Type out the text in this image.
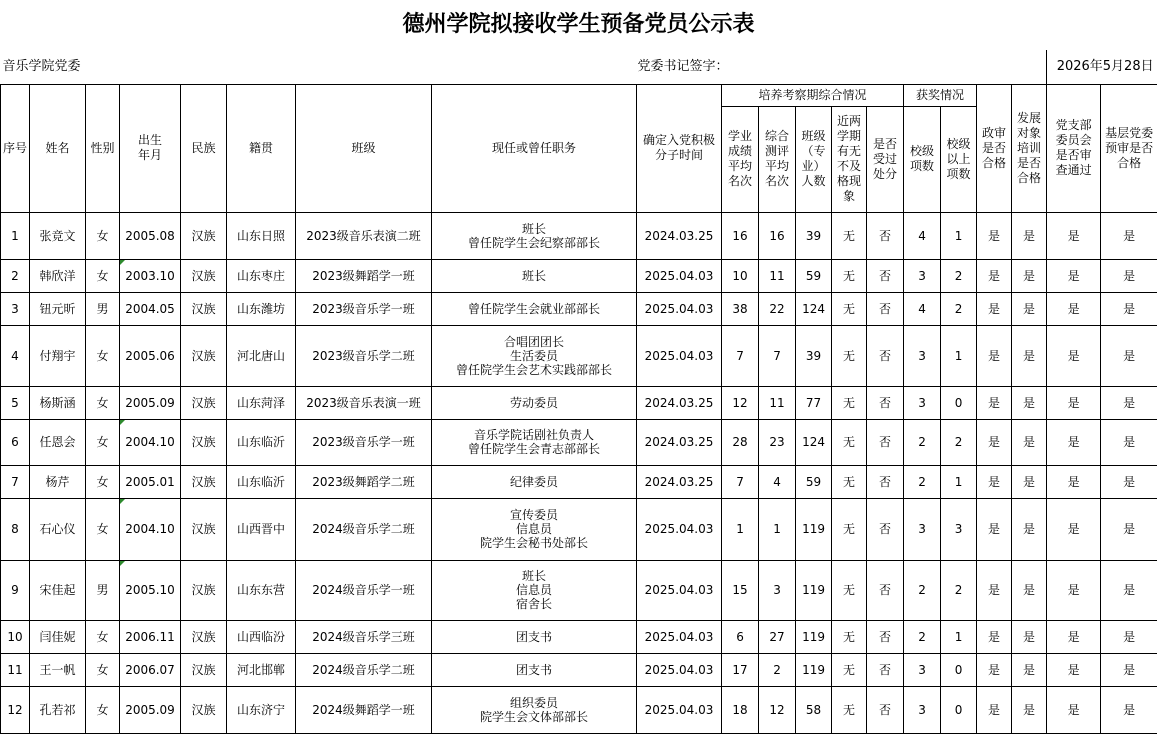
德州学院拟接收学生预备党员公示表
音乐学院党委								党委书记签字：										2026年5月28日	
序号	姓名	性别	出生年月	民族	籍贯	班级	现任或曾任职务	确定入党积极分子时间	培养考察期综合情况					获奖情况		政审是否合格	发展对象培训是否合格	党支部委员会是否审查通过	基层党委预审是否合格
									学业成绩平均名次	综合测评平均名次	班级（专业）人数	近两学期有无不及格现象	是否受过处分	校级项数	校级以上项数				
1	张竞文	女	2005.08	汉族	山东日照	2023级音乐表演二班	班长
曾任院学生会纪察部部长	2024.03.25	16	16	39	无	否	4	1	是	是	是	是
2	韩欣洋	女	2003.10	汉族	山东枣庄	2023级舞蹈学一班	班长	2025.04.03	10	11	59	无	否	3	2	是	是	是	是
3	钮元昕	男	2004.05	汉族	山东潍坊	2023级音乐学一班	曾任院学生会就业部部长	2025.04.03	38	22	124	无	否	4	2	是	是	是	是
4	付翔宇	女	2005.06	汉族	河北唐山	2023级音乐学二班	合唱团团长
生活委员
曾任院学生会艺术实践部部长	2025.04.03	7	7	39	无	否	3	1	是	是	是	是
5	杨斯涵	女	2005.09	汉族	山东菏泽	2023级音乐表演一班	劳动委员	2024.03.25	12	11	77	无	否	3	0	是	是	是	是
6	任恩会	女	2004.10	汉族	山东临沂	2023级音乐学一班	音乐学院话剧社负责人
曾任院学生会青志部部长	2024.03.25	28	23	124	无	否	2	2	是	是	是	是
7	杨芹	女	2005.01	汉族	山东临沂	2023级舞蹈学二班	纪律委员	2024.03.25	7	4	59	无	否	2	1	是	是	是	是
8	石心仪	女	2004.10	汉族	山西晋中	2024级音乐学二班	宣传委员
信息员
院学生会秘书处部长	2025.04.03	1	1	119	无	否	3	3	是	是	是	是
9	宋佳起	男	2005.10	汉族	山东东营	2024级音乐学一班	班长
信息员
宿舍长	2025.04.03	15	3	119	无	否	2	2	是	是	是	是
10	闫佳妮	女	2006.11	汉族	山西临汾	2024级音乐学三班	团支书	2025.04.03	6	27	119	无	否	2	1	是	是	是	是
11	王一帆	女	2006.07	汉族	河北邯郸	2024级音乐学二班	团支书	2025.04.03	17	2	119	无	否	3	0	是	是	是	是
12	孔若祁	女	2005.09	汉族	山东济宁	2024级舞蹈学一班	组织委员
院学生会文体部部长	2025.04.03	18	12	58	无	否	3	0	是	是	是	是
